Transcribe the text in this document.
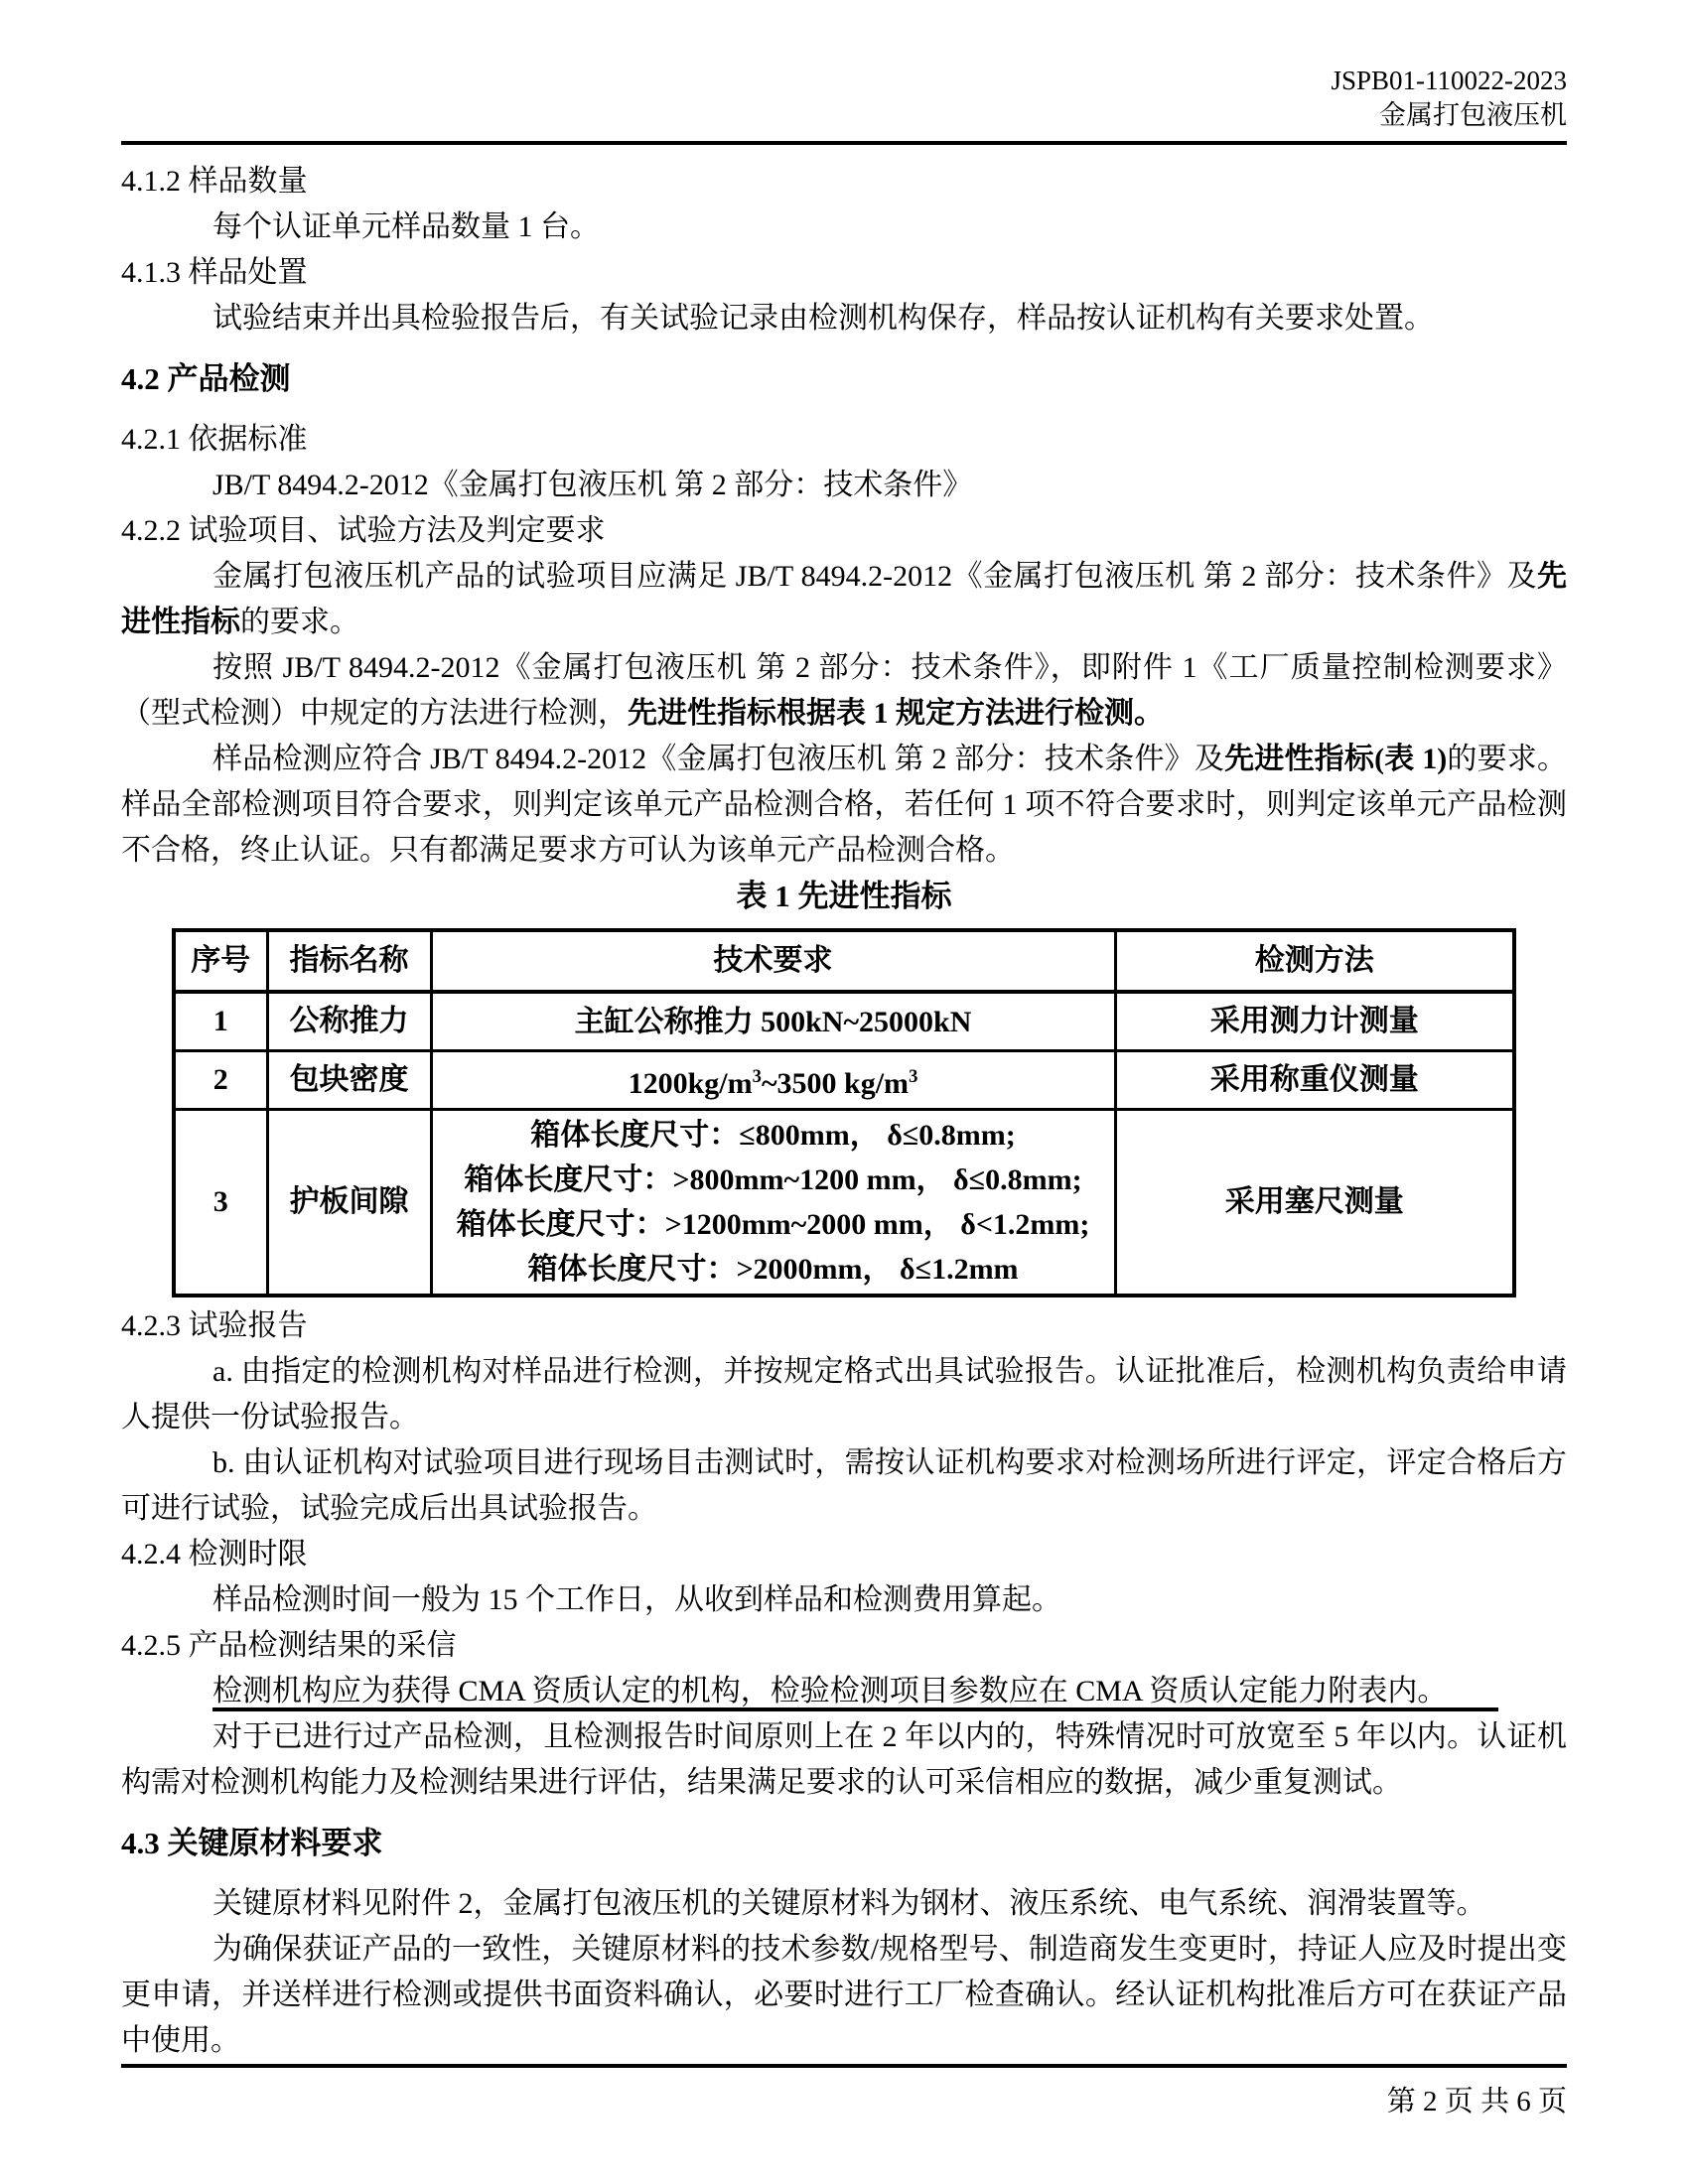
JSPB01-110022-2023
金属打包液压机
4.1.2 样品数量

每个认证单元样品数量 1 台。

4.1.3 样品处置

试验结束并出具检验报告后，有关试验记录由检测机构保存，样品按认证机构有关要求处置。

4.2 产品检测
4.2.1 依据标准

JB/T 8494.2-2012《金属打包液压机 第 2 部分：技术条件》

4.2.2 试验项目、试验方法及判定要求

金属打包液压机产品的试验项目应满足 JB/T 8494.2-2012《金属打包液压机 第 2 部分：技术条件》及先进性指标的要求。

按照 JB/T 8494.2-2012《金属打包液压机 第 2 部分：技术条件》，即附件 1《工厂质量控制检测要求》（型式检测）中规定的方法进行检测，先进性指标根据表 1 规定方法进行检测。

样品检测应符合 JB/T 8494.2-2012《金属打包液压机 第 2 部分：技术条件》及先进性指标(表 1)的要求。样品全部检测项目符合要求，则判定该单元产品检测合格，若任何 1 项不符合要求时，则判定该单元产品检测不合格，终止认证。只有都满足要求方可认为该单元产品检测合格。

表 1 先进性指标
序号	指标名称	技术要求	检测方法
1	公称推力	主缸公称推力 500kN~25000kN	采用测力计测量
2	包块密度	$1200kg/m^3\sim 3500$ $kg/m^3$	采用称重仪测量
3	护板间隙	箱体长度尺寸：≤800mm， δ≤0.8mm;
箱体长度尺寸：>800mm~1200 mm， δ≤0.8mm;
箱体长度尺寸：>1200mm~2000 mm， δ<1.2mm;
箱体长度尺寸：>2000mm， δ≤1.2mm	采用塞尺测量
4.2.3 试验报告

a. 由指定的检测机构对样品进行检测，并按规定格式出具试验报告。认证批准后，检测机构负责给申请人提供一份试验报告。

b. 由认证机构对试验项目进行现场目击测试时，需按认证机构要求对检测场所进行评定，评定合格后方可进行试验，试验完成后出具试验报告。

4.2.4 检测时限

样品检测时间一般为 15 个工作日，从收到样品和检测费用算起。

4.2.5 产品检测结果的采信

检测机构应为获得 CMA 资质认定的机构，检验检测项目参数应在 CMA 资质认定能力附表内。

对于已进行过产品检测，且检测报告时间原则上在 2 年以内的，特殊情况时可放宽至 5 年以内。认证机构需对检测机构能力及检测结果进行评估，结果满足要求的认可采信相应的数据，减少重复测试。

4.3 关键原材料要求

关键原材料见附件 2，金属打包液压机的关键原材料为钢材、液压系统、电气系统、润滑装置等。

为确保获证产品的一致性，关键原材料的技术参数/规格型号、制造商发生变更时，持证人应及时提出变更申请，并送样进行检测或提供书面资料确认，必要时进行工厂检查确认。经认证机构批准后方可在获证产品中使用。

第 2 页 共 6 页
